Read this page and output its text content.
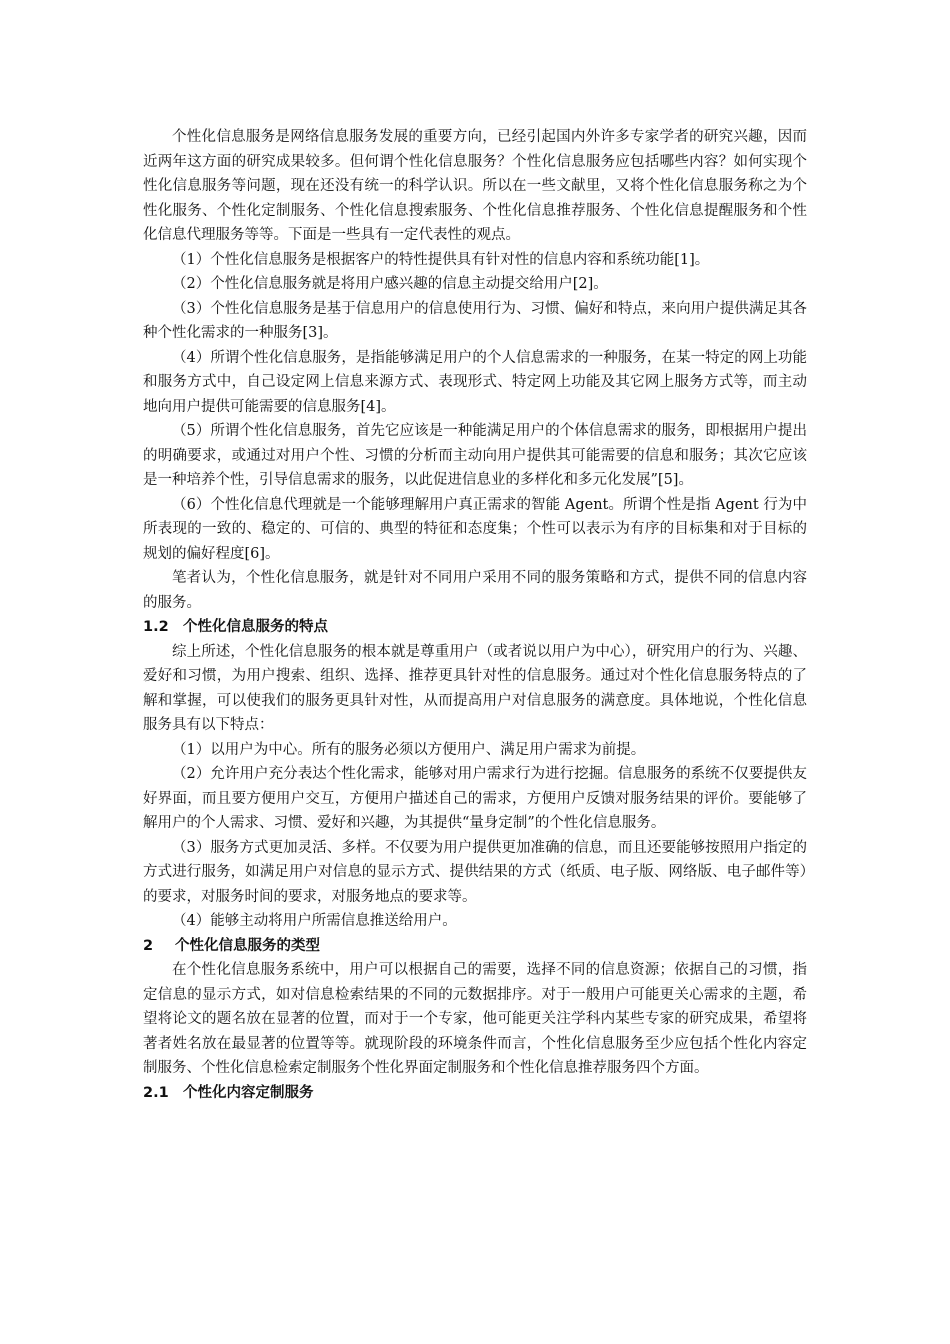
个性化信息服务是网络信息服务发展的重要方向，已经引起国内外许多专家学者的研究兴趣，因而近两年这方面的研究成果较多。但何谓个性化信息服务？个性化信息服务应包括哪些内容？如何实现个性化信息服务等问题，现在还没有统一的科学认识。所以在一些文献里，又将个性化信息服务称之为个性化服务、个性化定制服务、个性化信息搜索服务、个性化信息推荐服务、个性化信息提醒服务和个性化信息代理服务等等。下面是一些具有一定代表性的观点。

（1）个性化信息服务是根据客户的特性提供具有针对性的信息内容和系统功能[1]。

（2）个性化信息服务就是将用户感兴趣的信息主动提交给用户[2]。

（3）个性化信息服务是基于信息用户的信息使用行为、习惯、偏好和特点，来向用户提供满足其各种个性化需求的一种服务[3]。

（4）所谓个性化信息服务，是指能够满足用户的个人信息需求的一种服务，在某一特定的网上功能和服务方式中，自己设定网上信息来源方式、表现形式、特定网上功能及其它网上服务方式等，而主动地向用户提供可能需要的信息服务[4]。

（5）所谓个性化信息服务，首先它应该是一种能满足用户的个体信息需求的服务，即根据用户提出的明确要求，或通过对用户个性、习惯的分析而主动向用户提供其可能需要的信息和服务；其次它应该是一种培养个性，引导信息需求的服务，以此促进信息业的多样化和多元化发展”[5]。

（6）个性化信息代理就是一个能够理解用户真正需求的智能 Agent。所谓个性是指 Agent 行为中所表现的一致的、稳定的、可信的、典型的特征和态度集；个性可以表示为有序的目标集和对于目标的规划的偏好程度[6]。

笔者认为，个性化信息服务，就是针对不同用户采用不同的服务策略和方式，提供不同的信息内容的服务。

1.2 个性化信息服务的特点

综上所述，个性化信息服务的根本就是尊重用户（或者说以用户为中心），研究用户的行为、兴趣、爱好和习惯，为用户搜索、组织、选择、推荐更具针对性的信息服务。通过对个性化信息服务特点的了解和掌握，可以使我们的服务更具针对性，从而提高用户对信息服务的满意度。具体地说，个性化信息服务具有以下特点：

（1）以用户为中心。所有的服务必须以方便用户、满足用户需求为前提。

（2）允许用户充分表达个性化需求，能够对用户需求行为进行挖掘。信息服务的系统不仅要提供友好界面，而且要方便用户交互，方便用户描述自己的需求，方便用户反馈对服务结果的评价。要能够了解用户的个人需求、习惯、爱好和兴趣，为其提供“量身定制”的个性化信息服务。

（3）服务方式更加灵活、多样。不仅要为用户提供更加准确的信息，而且还要能够按照用户指定的方式进行服务，如满足用户对信息的显示方式、提供结果的方式（纸质、电子版、网络版、电子邮件等）的要求，对服务时间的要求，对服务地点的要求等。

（4）能够主动将用户所需信息推送给用户。

2 个性化信息服务的类型

在个性化信息服务系统中，用户可以根据自己的需要，选择不同的信息资源；依据自己的习惯，指定信息的显示方式，如对信息检索结果的不同的元数据排序。对于一般用户可能更关心需求的主题，希望将论文的题名放在显著的位置，而对于一个专家，他可能更关注学科内某些专家的研究成果，希望将著者姓名放在最显著的位置等等。就现阶段的环境条件而言，个性化信息服务至少应包括个性化内容定制服务、个性化信息检索定制服务个性化界面定制服务和个性化信息推荐服务四个方面。

2.1 个性化内容定制服务
